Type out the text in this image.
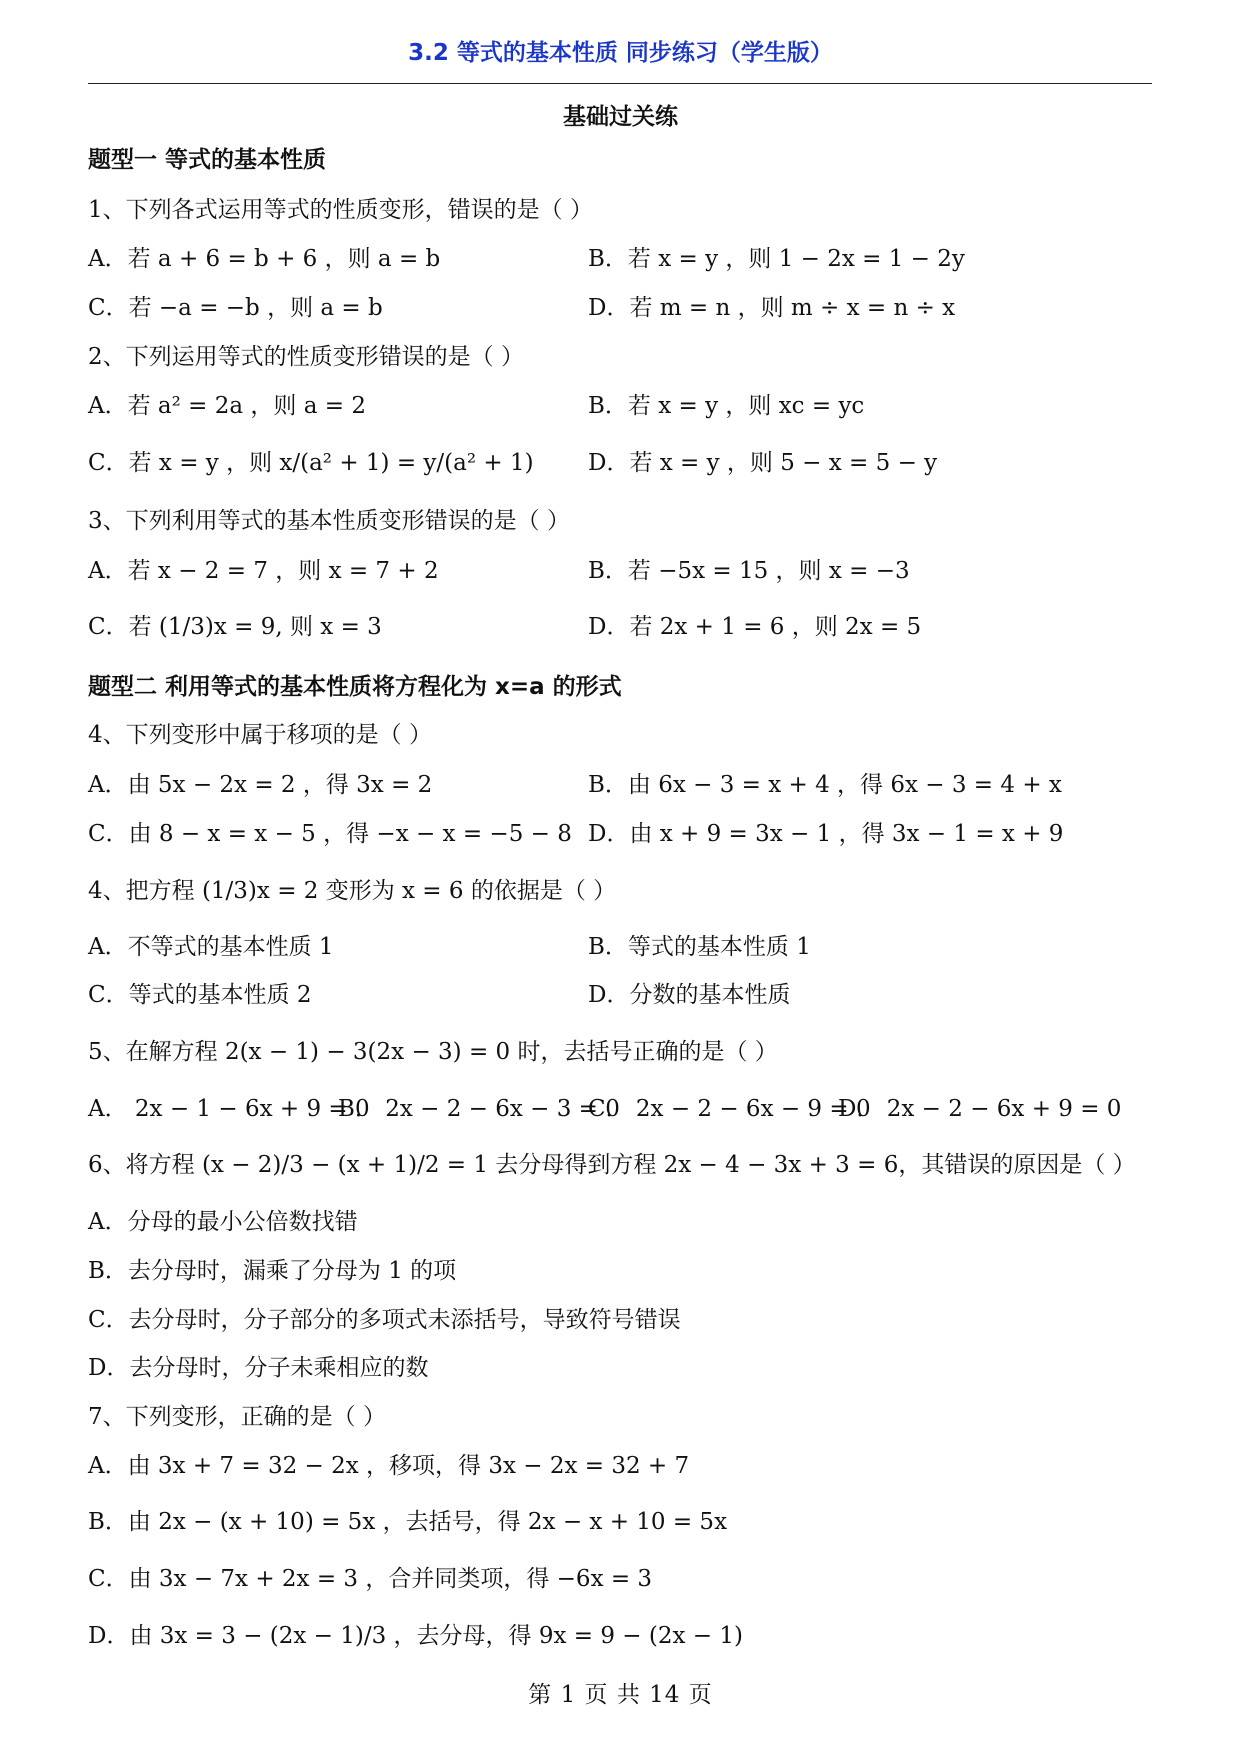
3.2 等式的基本性质 同步练习（学生版）
基础过关练
题型一 等式的基本性质
1、下列各式运用等式的性质变形，错误的是（ ）
A．若 a + 6 = b + 6 ，则 a = b	B．若 x = y ，则 1 − 2x = 1 − 2y
C．若 −a = −b ，则 a = b	D．若 m = n ，则 m ÷ x = n ÷ x
2、下列运用等式的性质变形错误的是（ ）
A．若 a² = 2a ，则 a = 2	B．若 x = y ，则 xc = yc
C．若 x = y ，则 x/(a² + 1) = y/(a² + 1) D．若 x = y ，则 5 − x = 5 − y
3、下列利用等式的基本性质变形错误的是（ ）
A．若 x − 2 = 7 ，则 x = 7 + 2	B．若 −5x = 15 ，则 x = −3
C．若 (1/3)x = 9, 则 x = 3	D．若 2x + 1 = 6 ，则 2x = 5
题型二 利用等式的基本性质将方程化为 x=a 的形式
4、下列变形中属于移项的是（ ）
A．由 5x − 2x = 2 ，得 3x = 2	B．由 6x − 3 = x + 4 ，得 6x − 3 = 4 + x
C．由 8 − x = x − 5 ，得 −x − x = −5 − 8 D．由 x + 9 = 3x − 1 ，得 3x − 1 = x + 9
4、把方程 (1/3)x = 2 变形为 x = 6 的依据是（ ）
A．不等式的基本性质 1	B．等式的基本性质 1
C．等式的基本性质 2	D．分数的基本性质
5、在解方程 2(x − 1) − 3(2x − 3) = 0 时，去括号正确的是（ ）
A． 2x − 1 − 6x + 9 = 0
B． 2x − 2 − 6x − 3 = 0
C． 2x − 2 − 6x − 9 = 0
D． 2x − 2 − 6x + 9 = 0
6、将方程 (x − 2)/3 − (x + 1)/2 = 1 去分母得到方程 2x − 4 − 3x + 3 = 6，其错误的原因是（ ）
A．分母的最小公倍数找错
B．去分母时，漏乘了分母为 1 的项
C．去分母时，分子部分的多项式未添括号，导致符号错误
D．去分母时，分子未乘相应的数
7、下列变形，正确的是（ ）
A．由 3x + 7 = 32 − 2x ，移项，得 3x − 2x = 32 + 7
B．由 2x − (x + 10) = 5x ，去括号，得 2x − x + 10 = 5x
C．由 3x − 7x + 2x = 3 ，合并同类项，得 −6x = 3
D．由 3x = 3 − (2x − 1)/3 ，去分母，得 9x = 9 − (2x − 1)
第 1 页 共 14 页
